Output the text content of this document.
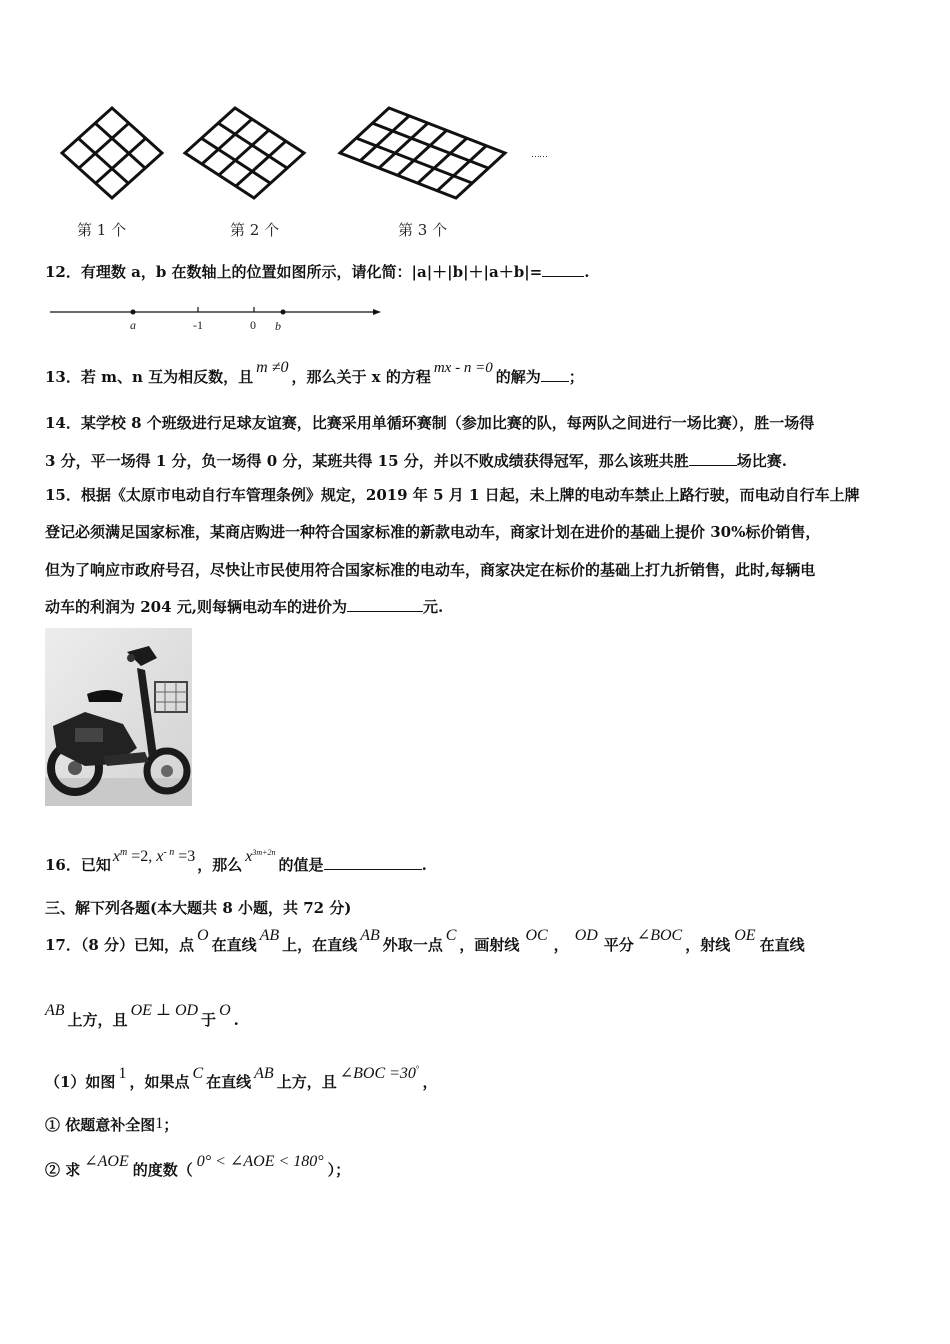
……
第 1 个	第 2 个	第 3 个
12．有理数 a，b 在数轴上的位置如图所示，请化简：|a|＋|b|＋|a＋b|=	.
a	-1	0 b
13．若 m、n 互为相反数，且m ≠0，那么关于 x 的方程 mx - n =0 的解为 ；
14．某学校 8 个班级进行足球友谊赛，比赛采用单循环赛制（参加比赛的队，每两队之间进行一场比赛），胜一场得
3 分，平一场得 1 分，负一场得 0 分，某班共得 15 分，并以不败成绩获得冠军，那么该班共胜	场比赛.
15．根据《太原市电动自行车管理条例》规定，2019 年 5 月 1 日起，未上牌的电动车禁止上路行驶，而电动自行车上牌
登记必须满足国家标准，某商店购进一种符合国家标准的新款电动车，商家计划在进价的基础上提价 30%标价销售，
但为了响应市政府号召，尽快让市民使用符合国家标准的电动车，商家决定在标价的基础上打九折销售，此时,每辆电
动车的利润为 204 元,则每辆电动车的进价为	元.
16．已知 $x^m =2$, $x^{- n} =3$ ，那么 $x^{3m+2n}$的值是	.
三、解下列各题(本大题共 8 小题，共 72 分)
17．（8 分）已知，点O在直线AB上，在直线AB外取一点C，画射线OC，OD平分∠BOC，射线OE在直线
AB上方，且OE ⊥ OD于O.
（1）如图 1 ，如果点 C 在直线 AB 上方，且 ∠BOC =30°，
① 依题意补全图1；
② 求 ∠AOE 的度数（ 0° < ∠AOE < 180° ）；
